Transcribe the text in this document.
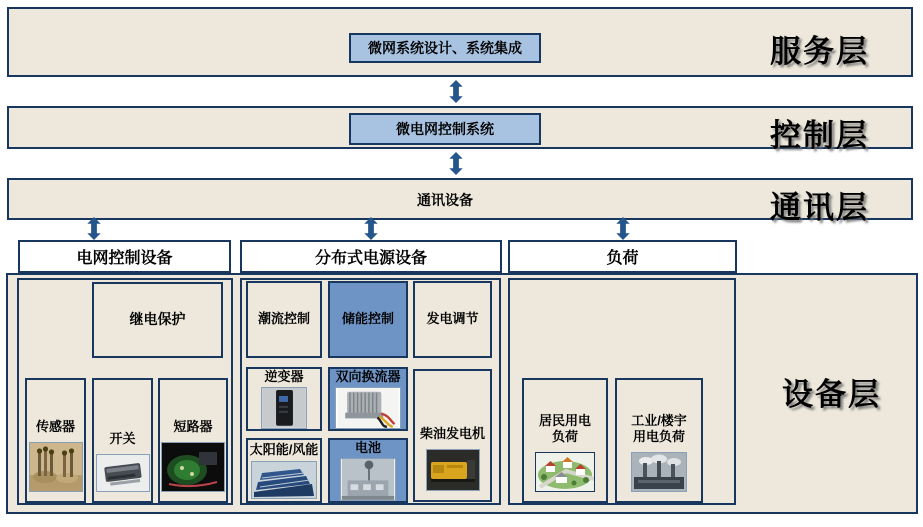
微网系统设计、系统集成	服务层
微电网控制系统	控制层
通讯设备	通讯层
电网控制设备	分布式电源设备	负荷
设备层
继电保护
传感器
开关
短路器
潮流控制 储能控制 发电调节
逆变器 双向换流器
太阳能/风能	电池
柴油发电机
居民用电
负荷
工业/楼宇
用电负荷
